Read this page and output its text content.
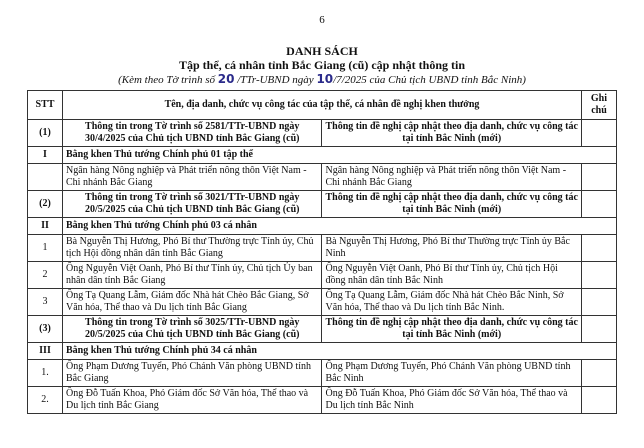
6
DANH SÁCH
Tập thể, cá nhân tỉnh Bắc Giang (cũ) cập nhật thông tin
(Kèm theo Tờ trình số 20 /TTr-UBND ngày 10/7/2025 của Chủ tịch UBND tỉnh Bắc Ninh)
STT	Tên, địa danh, chức vụ công tác của tập thể, cá nhân đề nghị khen thưởng		Ghi chú
(1)	Thông tin trong Tờ trình số 2581/TTr-UBND ngày 30/4/2025 của Chủ tịch UBND tỉnh Bắc Giang (cũ)	Thông tin đề nghị cập nhật theo địa danh, chức vụ công tác tại tỉnh Bắc Ninh (mới)	
I	Bằng khen Thủ tướng Chính phủ 01 tập thể		
	Ngân hàng Nông nghiệp và Phát triển nông thôn Việt Nam - Chi nhánh Bắc Giang	Ngân hàng Nông nghiệp và Phát triển nông thôn Việt Nam - Chi nhánh Bắc Giang	
(2)	Thông tin trong Tờ trình số 3021/TTr-UBND ngày 20/5/2025 của Chủ tịch UBND tỉnh Bắc Giang (cũ)	Thông tin đề nghị cập nhật theo địa danh, chức vụ công tác tại tỉnh Bắc Ninh (mới)	
II	Bằng khen Thủ tướng Chính phủ 03 cá nhân		
1	Bà Nguyễn Thị Hương, Phó Bí thư Thường trực Tỉnh ủy, Chủ tịch Hội đồng nhân dân tỉnh Bắc Giang	Bà Nguyễn Thị Hương, Phó Bí thư Thường trực Tỉnh ủy Bắc Ninh	
2	Ông Nguyễn Việt Oanh, Phó Bí thư Tỉnh ủy, Chủ tịch Ủy ban nhân dân tỉnh Bắc Giang	Ông Nguyễn Việt Oanh, Phó Bí thư Tỉnh ủy, Chủ tịch Hội đồng nhân dân tỉnh Bắc Ninh	
3	Ông Tạ Quang Lẫm, Giám đốc Nhà hát Chèo Bắc Giang, Sở Văn hóa, Thể thao và Du lịch tỉnh Bắc Giang	Ông Tạ Quang Lẫm, Giám đốc Nhà hát Chèo Bắc Ninh, Sở Văn hóa, Thể thao và Du lịch tỉnh Bắc Ninh.	
(3)	Thông tin trong Tờ trình số 3025/TTr-UBND ngày 20/5/2025 của Chủ tịch UBND tỉnh Bắc Giang (cũ)	Thông tin đề nghị cập nhật theo địa danh, chức vụ công tác tại tỉnh Bắc Ninh (mới)	
III	Bằng khen Thủ tướng Chính phủ 34 cá nhân		
1.	Ông Phạm Dương Tuyển, Phó Chánh Văn phòng UBND tỉnh Bắc Giang	Ông Phạm Dương Tuyển, Phó Chánh Văn phòng UBND tỉnh Bắc Ninh	
2.	Ông Đỗ Tuấn Khoa, Phó Giám đốc Sở Văn hóa, Thể thao và Du lịch tỉnh Bắc Giang	Ông Đỗ Tuấn Khoa, Phó Giám đốc Sở Văn hóa, Thể thao và Du lịch tỉnh Bắc Ninh	
